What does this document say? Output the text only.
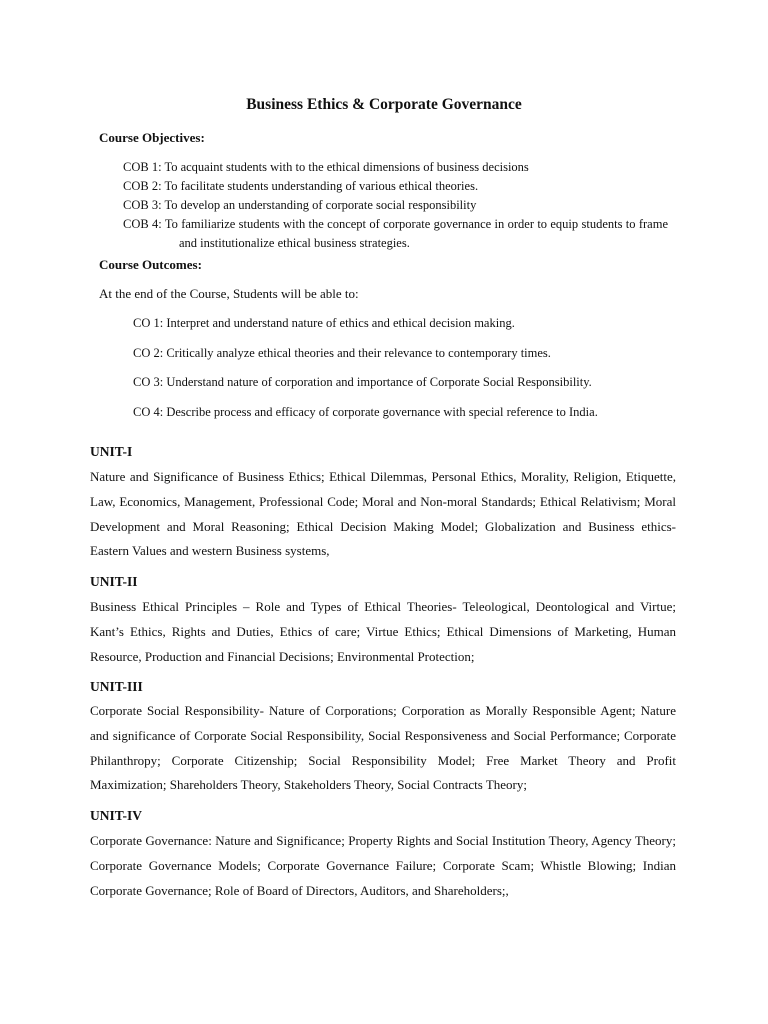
Business Ethics & Corporate Governance
Course Objectives:
COB 1: To acquaint students with to the ethical dimensions of business decisions
COB 2: To facilitate students understanding of various ethical theories.
COB 3: To develop an understanding of corporate social responsibility
COB 4: To familiarize students with the concept of corporate governance in order to equip students to frame and institutionalize ethical business strategies.
Course Outcomes:
At the end of the Course, Students will be able to:
CO 1: Interpret and understand nature of ethics and ethical decision making.
CO 2: Critically analyze ethical theories and their relevance to contemporary times.
CO 3: Understand nature of corporation and importance of Corporate Social Responsibility.
CO 4: Describe process and efficacy of corporate governance with special reference to India.
UNIT-I

Nature and Significance of Business Ethics; Ethical Dilemmas, Personal Ethics, Morality, Religion, Etiquette, Law, Economics, Management, Professional Code; Moral and Non-moral Standards; Ethical Relativism; Moral Development and Moral Reasoning; Ethical Decision Making Model; Globalization and Business ethics- Eastern Values and western Business systems,

UNIT-II

Business Ethical Principles – Role and Types of Ethical Theories- Teleological, Deontological and Virtue; Kant’s Ethics, Rights and Duties, Ethics of care; Virtue Ethics; Ethical Dimensions of Marketing, Human Resource, Production and Financial Decisions; Environmental Protection;

UNIT-III

Corporate Social Responsibility- Nature of Corporations; Corporation as Morally Responsible Agent; Nature and significance of Corporate Social Responsibility, Social Responsiveness and Social Performance; Corporate Philanthropy; Corporate Citizenship; Social Responsibility Model; Free Market Theory and Profit Maximization; Shareholders Theory, Stakeholders Theory, Social Contracts Theory;

UNIT-IV

Corporate Governance: Nature and Significance; Property Rights and Social Institution Theory, Agency Theory; Corporate Governance Models; Corporate Governance Failure; Corporate Scam; Whistle Blowing; Indian Corporate Governance; Role of Board of Directors, Auditors, and Shareholders;,
